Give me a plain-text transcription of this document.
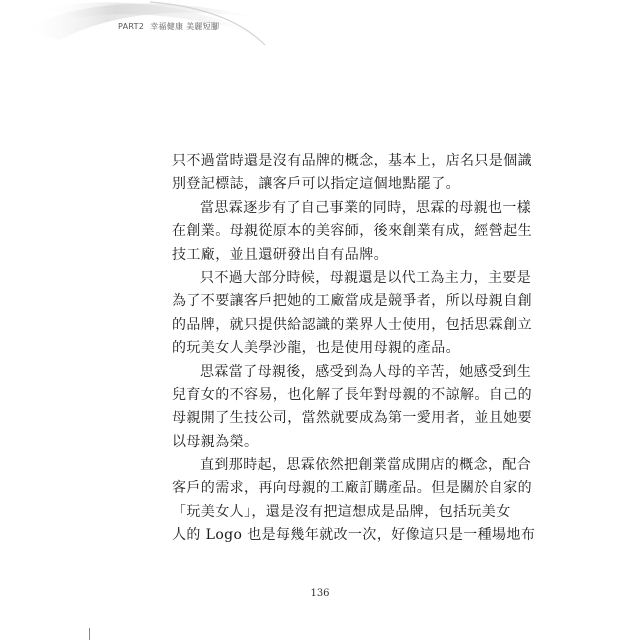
PART2 幸福健康 美麗短腳
只不過當時還是沒有品牌的概念，基本上，店名只是個識
別登記標誌，讓客戶可以指定這個地點罷了。
當思霖逐步有了自己事業的同時，思霖的母親也一樣
在創業。母親從原本的美容師，後來創業有成，經營起生
技工廠，並且還研發出自有品牌。
只不過大部分時候，母親還是以代工為主力，主要是
為了不要讓客戶把她的工廠當成是競爭者，所以母親自創
的品牌，就只提供給認識的業界人士使用，包括思霖創立
的玩美女人美學沙龍，也是使用母親的產品。
思霖當了母親後，感受到為人母的辛苦，她感受到生
兒育女的不容易，也化解了長年對母親的不諒解。自己的
母親開了生技公司，當然就要成為第一愛用者，並且她要
以母親為榮。
直到那時起，思霖依然把創業當成開店的概念，配合
客戶的需求，再向母親的工廠訂購產品。但是關於自家的
「玩美女人」，還是沒有把這想成是品牌，包括玩美女
人的 Logo 也是每幾年就改一次，好像這只是一種場地布
136
